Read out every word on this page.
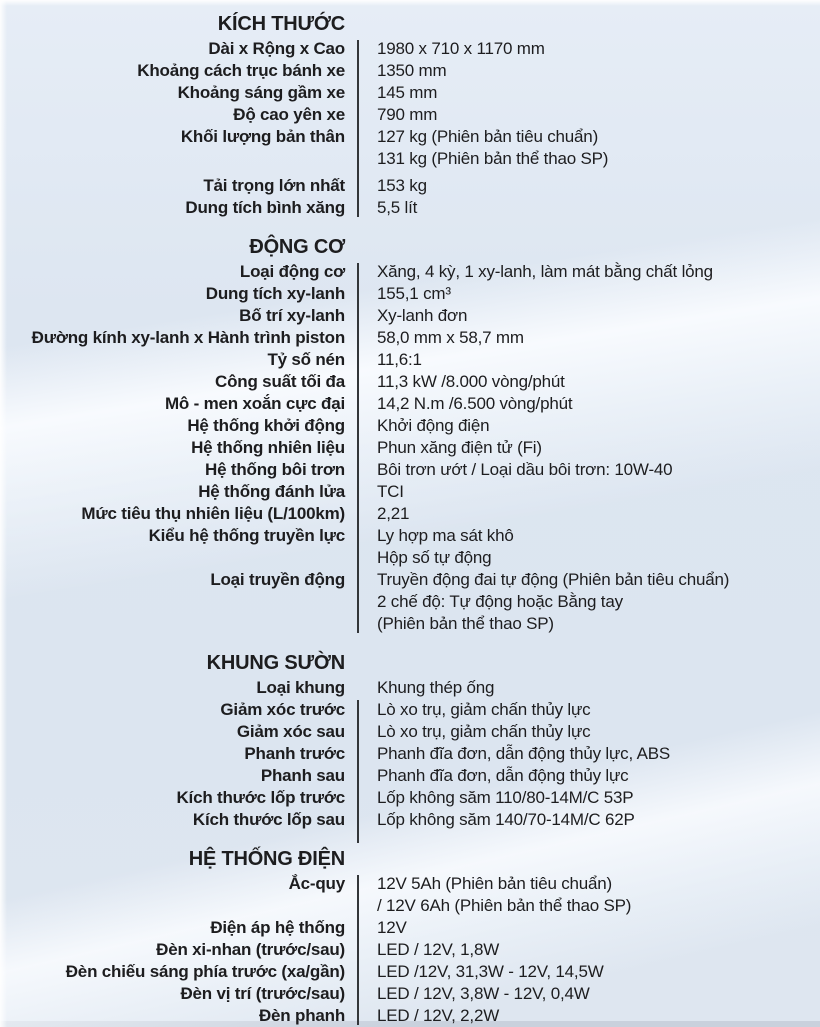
KÍCH THƯỚC
Dài x Rộng x Cao 1980 x 710 x 1170 mm
Khoảng cách trục bánh xe 1350 mm
Khoảng sáng gầm xe 145 mm
Độ cao yên xe 790 mm
Khối lượng bản thân 127 kg (Phiên bản tiêu chuẩn)
131 kg (Phiên bản thể thao SP)
Tải trọng lớn nhất 153 kg
Dung tích bình xăng 5,5 lít
ĐỘNG CƠ
Loại động cơ Xăng, 4 kỳ, 1 xy-lanh, làm mát bằng chất lỏng
Dung tích xy-lanh 155,1 cm³
Bố trí xy-lanh Xy-lanh đơn
Đường kính xy-lanh x Hành trình piston 58,0 mm x 58,7 mm
Tỷ số nén 11,6:1
Công suất tối đa 11,3 kW /8.000 vòng/phút
Mô - men xoắn cực đại 14,2 N.m /6.500 vòng/phút
Hệ thống khởi động Khởi động điện
Hệ thống nhiên liệu Phun xăng điện tử (Fi)
Hệ thống bôi trơn Bôi trơn ướt / Loại dầu bôi trơn: 10W-40
Hệ thống đánh lửa TCI
Mức tiêu thụ nhiên liệu (L/100km) 2,21
Kiểu hệ thống truyền lực Ly hợp ma sát khô
Hộp số tự động
Loại truyền động Truyền động đai tự động (Phiên bản tiêu chuẩn)
2 chế độ: Tự động hoặc Bằng tay
(Phiên bản thể thao SP)
KHUNG SƯỜN
Loại khung Khung thép ống
Giảm xóc trước Lò xo trụ, giảm chấn thủy lực
Giảm xóc sau Lò xo trụ, giảm chấn thủy lực
Phanh trước Phanh đĩa đơn, dẫn động thủy lực, ABS
Phanh sau Phanh đĩa đơn, dẫn động thủy lực
Kích thước lốp trước Lốp không săm 110/80-14M/C 53P
Kích thước lốp sau Lốp không săm 140/70-14M/C 62P
HỆ THỐNG ĐIỆN
Ắc-quy 12V 5Ah (Phiên bản tiêu chuẩn)
/ 12V 6Ah (Phiên bản thể thao SP)
Điện áp hệ thống 12V
Đèn xi-nhan (trước/sau) LED / 12V, 1,8W
Đèn chiếu sáng phía trước (xa/gần) LED /12V, 31,3W - 12V, 14,5W
Đèn vị trí (trước/sau) LED / 12V, 3,8W - 12V, 0,4W
Đèn phanh LED / 12V, 2,2W
